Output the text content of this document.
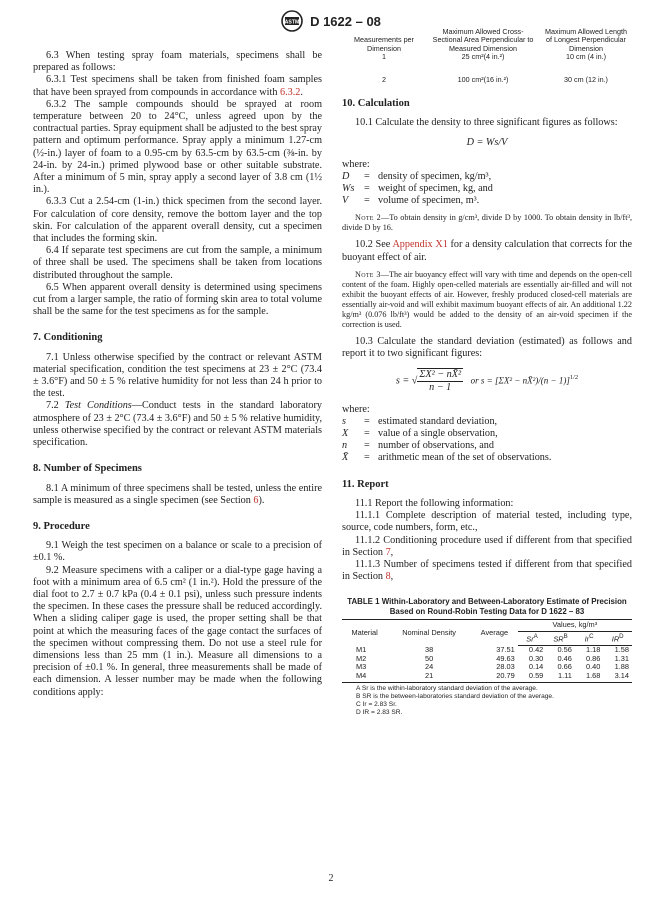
ASTM D 1622 – 08

6.3 When testing spray foam materials, specimens shall be prepared as follows:

6.3.1 Test specimens shall be taken from finished foam samples that have been sprayed from compounds in accordance with 6.3.2.

6.3.2 The sample compounds should be sprayed at room temperature between 20 to 24°C, unless agreed upon by the contractual parties. Spray equipment shall be adjusted to the best spray pattern and optimum performance. Spray apply a minimum 1.27-cm (½-in.) layer of foam to a 0.95-cm by 63.5-cm by 63.5-cm (⅜-in. by 24-in. by 24-in.) primed plywood base or other suitable substrate. After a minimum of 5 min, spray apply a second layer of 3.8 cm (1½ in.).

6.3.3 Cut a 2.54-cm (1-in.) thick specimen from the second layer. For calculation of core density, remove the bottom layer and the top skin. For calculation of the apparent overall density, cut a specimen that includes the forming skin.

6.4 If separate test specimens are cut from the sample, a minimum of three shall be used. The specimens shall be taken from locations distributed throughout the sample.

6.5 When apparent overall density is determined using specimens cut from a larger sample, the ratio of forming skin area to total volume shall be the same for the test specimens as for the sample.

7. Conditioning

7.1 Unless otherwise specified by the contract or relevant ASTM material specification, condition the test specimens at 23 ± 2°C (73.4 ± 3.6°F) and 50 ± 5 % relative humidity for not less than 24 h prior to the test.

7.2 Test Conditions—Conduct tests in the standard laboratory atmosphere of 23 ± 2°C (73.4 ± 3.6°F) and 50 ± 5 % relative humidity, unless otherwise specified by the contract or relevant ASTM materials specification.

8. Number of Specimens

8.1 A minimum of three specimens shall be tested, unless the entire sample is measured as a single specimen (see Section 6).

9. Procedure

9.1 Weigh the test specimen on a balance or scale to a precision of ±0.1 %.

9.2 Measure specimens with a caliper or a dial-type gage having a foot with a minimum area of 6.5 cm² (1 in.²). Hold the pressure of the dial foot to 2.7 ± 0.7 kPa (0.4 ± 0.1 psi), unless such pressure indents the specimen. In these cases the pressure shall be reduced accordingly. When a sliding caliper gage is used, the proper setting shall be that point at which the measuring faces of the gage contact the surfaces of the specimen without compressing them. Do not use a steel rule for dimensions less than 25 mm (1 in.). Measure all dimensions to a precision of ±0.1 %. In general, three measurements shall be made of each dimension. A lesser number may be made when the following conditions apply:

Measurements per Dimension	Maximum Allowed Cross-Sectional Area Perpendicular to Measured Dimension	Maximum Allowed Length of Longest Perpendicular Dimension
1	25 cm²(4 in.²)	10 cm (4 in.)
2	100 cm²(16 in.²)	30 cm (12 in.)

10. Calculation

10.1 Calculate the density to three significant figures as follows:

D = Ws/V

where:

D	= density of specimen, kg/m³,
Ws = weight of specimen, kg, and
V	= volume of specimen, m³.

Note 2—To obtain density in g/cm³, divide D by 1000. To obtain density in lb/ft³, divide D by 16.

10.2 See Appendix X1 for a density calculation that corrects for the buoyant effect of air.

Note 3—The air buoyancy effect will vary with time and depends on the open-cell content of the foam. Highly open-celled materials are essentially air-filled and will not exhibit the buoyant effects of air. However, freshly produced closed-cell materials are essentially air-void and will exhibit maximum buoyant effects of air. An additional 1.22 kg/m³ (0.076 lb/ft³) would be added to the density of an air-void specimen if the correction is used.

10.3 Calculate the standard deviation (estimated) as follows and report it to two significant figures:

s = √ $\frac{\text{ΣX² − nX̄²}}{n - 1}$ or s = [ΣX² − nX̄²)/(n − 1)]$^{1/2}$

where:

s	= estimated standard deviation,
X	= value of a single observation,
n	= number of observations, and
X̄	= arithmetic mean of the set of observations.

11. Report

11.1 Report the following information:

11.1.1 Complete description of material tested, including type, source, code numbers, form, etc.,

11.1.2 Conditioning procedure used if different from that specified in Section 7,

11.1.3 Number of specimens tested if different from that specified in Section 8,

TABLE 1 Within-Laboratory and Between-Laboratory Estimate of Precision Based on Round-Robin Testing Data for D 1622 – 83

Material	Nominal Density	Average	Values, kg/m³			
			$Sr^A$	$SR^B$	$Ir^C$	$IR^D$
M1	38	37.51	0.42	0.56	1.18	1.58
M2	50	49.63	0.30	0.46	0.86	1.31
M3	24	28.03	0.14	0.66	0.40	1.88
M4	21	20.79	0.59	1.11	1.68	3.14
A Sr is the within-laboratory standard deviation of the average.
B SR is the between-laboratories standard deviation of the average.
C Ir = 2.83 Sr.
D IR = 2.83 SR.
2
